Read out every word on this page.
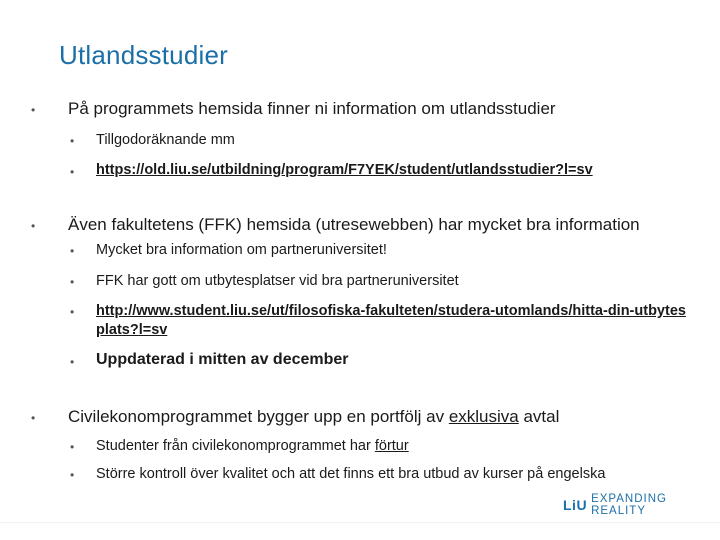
Utlandsstudier
• På programmets hemsida finner ni information om utlandsstudier
• Tillgodoräknande mm
• https://old.liu.se/utbildning/program/F7YEK/student/utlandsstudier?l=sv
• Även fakultetens (FFK) hemsida (utresewebben) har mycket bra information
• Mycket bra information om partneruniversitet!
• FFK har gott om utbytesplatser vid bra partneruniversitet
• http://www.student.liu.se/ut/filosofiska-fakulteten/studera-utomlands/hitta-din-utbytesplats?l=sv
• Uppdaterad i mitten av december
• Civilekonomprogrammet bygger upp en portfölj av exklusiva avtal
• Studenter från civilekonomprogrammet har förtur
• Större kontroll över kvalitet och att det finns ett bra utbud av kurser på engelska
LiU EXPANDING REALITY
